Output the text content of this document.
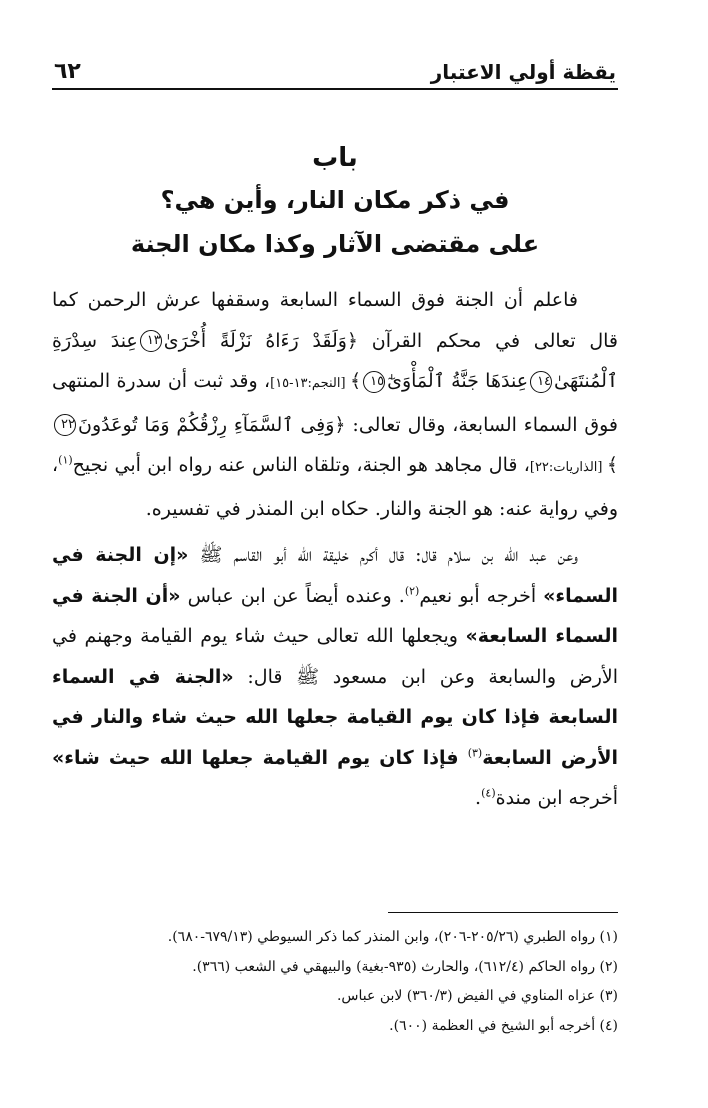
يقظة أولي الاعتبار
٦٢
باب
في ذكر مكان النار، وأين هي؟
على مقتضى الآثار وكذا مكان الجنة

فاعلم أن الجنة فوق السماء السابعة وسقفها عرش الرحمن كما قال تعالى في محكم القرآن ﴿وَلَقَدْ رَءَاهُ نَزْلَةً أُخْرَىٰ١٣عِندَ سِدْرَةِ ٱلْمُنتَهَىٰ١٤عِندَهَا جَنَّةُ ٱلْمَأْوَىٰٓ١٥﴾ [النجم:١٣-١٥]، وقد ثبت أن سدرة المنتهى فوق السماء السابعة، وقال تعالى: ﴿وَفِى ٱلسَّمَآءِ رِزْقُكُمْ وَمَا تُوعَدُونَ٢٢﴾ [الذاريات:٢٢]، قال مجاهد هو الجنة، وتلقاه الناس عنه رواه ابن أبي نجيح$^{(١)}$، وفي رواية عنه: هو الجنة والنار. حكاه ابن المنذر في تفسيره.

وعن عبد الله بن سلام قال: قال أكرم خليقة الله أبو القاسم ﷺ «إن الجنة في السماء» أخرجه أبو نعيم$^{(٢)}$. وعنده أيضاً عن ابن عباس «أن الجنة في السماء السابعة» ويجعلها الله تعالى حيث شاء يوم القيامة وجهنم في الأرض والسابعة وعن ابن مسعود ﷺ قال: «الجنة في السماء السابعة فإذا كان يوم القيامة جعلها الله حيث شاء والنار في الأرض السابعة$^{(٣)}$ فإذا كان يوم القيامة جعلها الله حيث شاء» أخرجه ابن مندة$^{(٤)}$.

(١) رواه الطبري (٢٠٥/٢٦-٢٠٦)، وابن المنذر كما ذكر السيوطي (٦٧٩/١٣-٦٨٠).

(٢) رواه الحاكم (٦١٢/٤)، والحارث (٩٣٥-بغية) والبيهقي في الشعب (٣٦٦).

(٣) عزاه المناوي في الفيض (٣٦٠/٣) لابن عباس.

(٤) أخرجه أبو الشيخ في العظمة (٦٠٠).
